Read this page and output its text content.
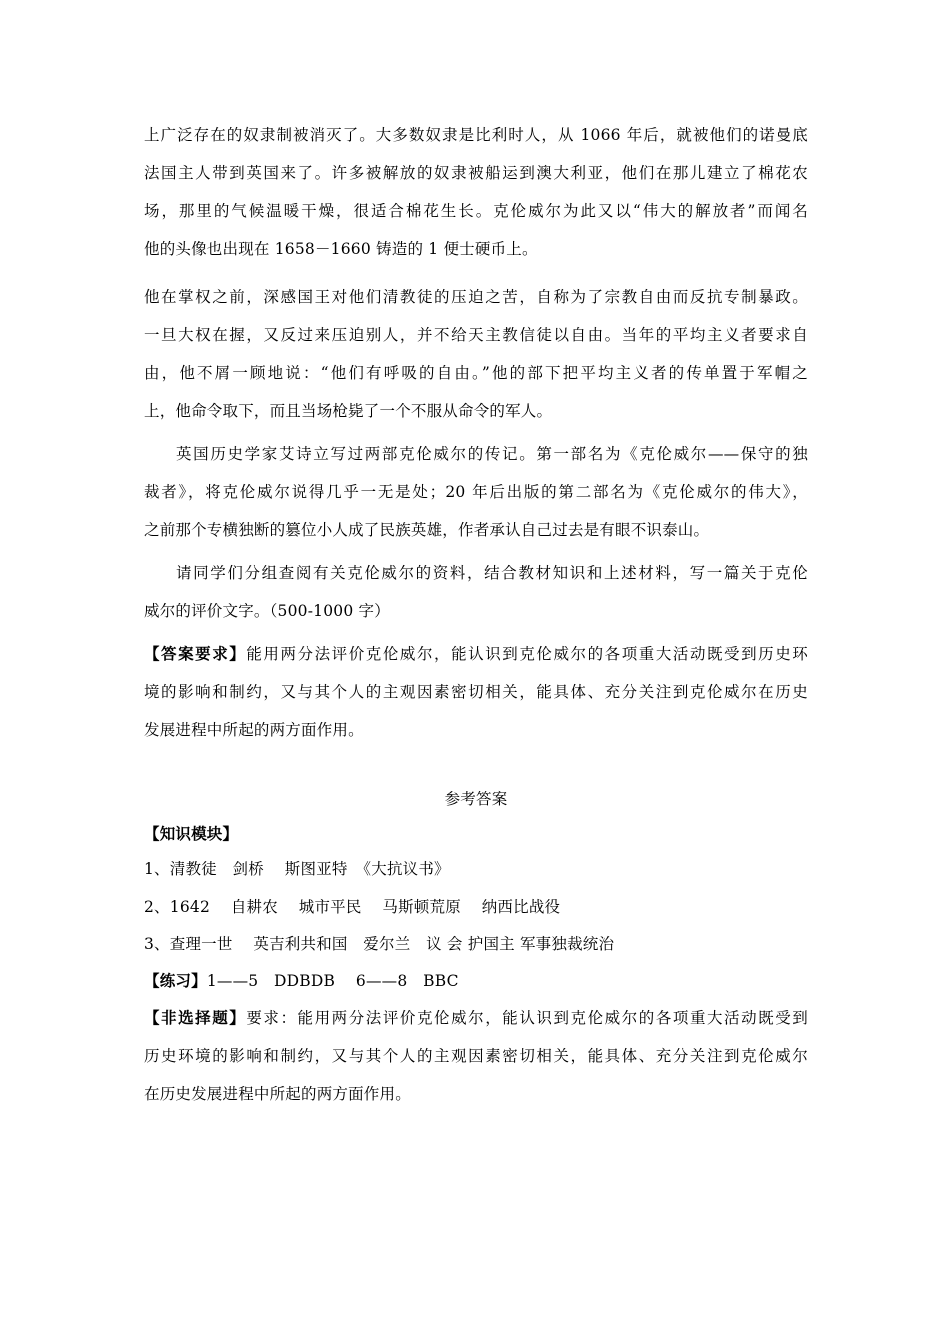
上广泛存在的奴隶制被消灭了。大多数奴隶是比利时人，从 1066 年后，就被他们的诺曼底
法国主人带到英国来了。许多被解放的奴隶被船运到澳大利亚，他们在那儿建立了棉花农
场，那里的气候温暖干燥，很适合棉花生长。克伦威尔为此又以“伟大的解放者”而闻名
他的头像也出现在 1658－1660 铸造的 1 便士硬币上。
他在掌权之前，深感国王对他们清教徒的压迫之苦，自称为了宗教自由而反抗专制暴政。
一旦大权在握，又反过来压迫别人，并不给天主教信徒以自由。当年的平均主义者要求自
由，他不屑一顾地说：“他们有呼吸的自由。”他的部下把平均主义者的传单置于军帽之
上，他命令取下，而且当场枪毙了一个不服从命令的军人。
英国历史学家艾诗立写过两部克伦威尔的传记。第一部名为《克伦威尔——保守的独
裁者》，将克伦威尔说得几乎一无是处；20 年后出版的第二部名为《克伦威尔的伟大》，
之前那个专横独断的篡位小人成了民族英雄，作者承认自己过去是有眼不识泰山。
请同学们分组查阅有关克伦威尔的资料，结合教材知识和上述材料，写一篇关于克伦
威尔的评价文字。（500-1000 字）
【答案要求】能用两分法评价克伦威尔，能认识到克伦威尔的各项重大活动既受到历史环
境的影响和制约，又与其个人的主观因素密切相关，能具体、充分关注到克伦威尔在历史
发展进程中所起的两方面作用。
参考答案
【知识模块】
1、清教徒　剑桥　 斯图亚特　《大抗议书》
2、1642　 自耕农　 城市平民　 马斯顿荒原　 纳西比战役
3、查理一世　 英吉利共和国　爱尔兰　议 会 护国主 军事独裁统治
【练习】1——5　DDBDB　 6——8　BBC
【非选择题】要求：能用两分法评价克伦威尔，能认识到克伦威尔的各项重大活动既受到
历史环境的影响和制约，又与其个人的主观因素密切相关，能具体、充分关注到克伦威尔
在历史发展进程中所起的两方面作用。
